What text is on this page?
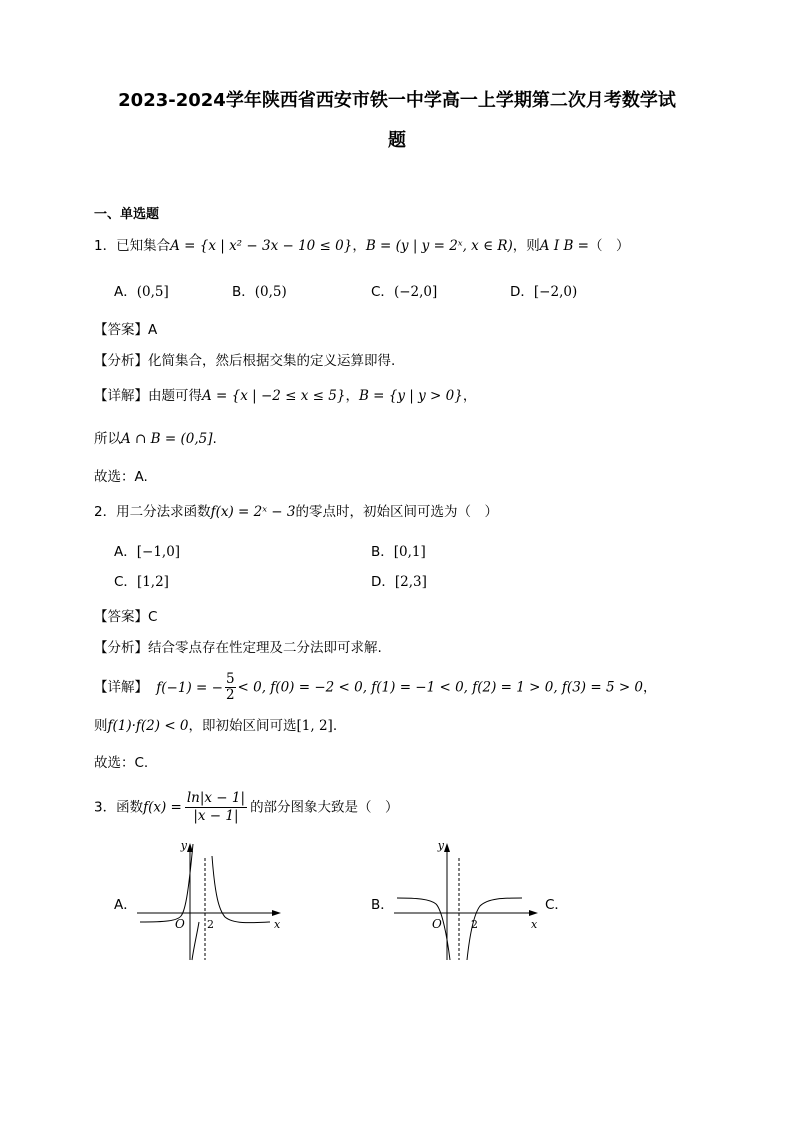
2023-2024学年陕西省西安市铁一中学高一上学期第二次月考数学试
题
一、单选题
1．已知集合A = {x | x² − 3x − 10 ≤ 0}，B = (y | y = 2ˣ, x ∈ R)，则A I B =（　）
A．(0,5]	B．(0,5)	C．(−2,0]	D．[−2,0)
【答案】A
【分析】化简集合，然后根据交集的定义运算即得.
【详解】由题可得A = {x | −2 ≤ x ≤ 5}，B = {y | y > 0}，
所以A ∩ B = (0,5].
故选：A.
2．用二分法求函数f(x) = 2ˣ − 3的零点时，初始区间可选为（　）
A．[−1,0]	B．[0,1]
C．[1,2]	D．[2,3]
【答案】C
【分析】结合零点存在性定理及二分法即可求解.
【详解】 f(−1) = − $\frac{5}{2} < 0$, f(0) = −2 < 0, f(1) = −1 < 0, f(2) = 1 > 0, f(3) = 5 > 0，
则f(1)·f(2) < 0，即初始区间可选[1, 2].
故选：C.
3．函数$f(x) = \frac{\ln|x - 1|}{|x - 1|}$ 的部分图象大致是（　）
A．
y
x
O 2
B．
y
x
O	2
C．
